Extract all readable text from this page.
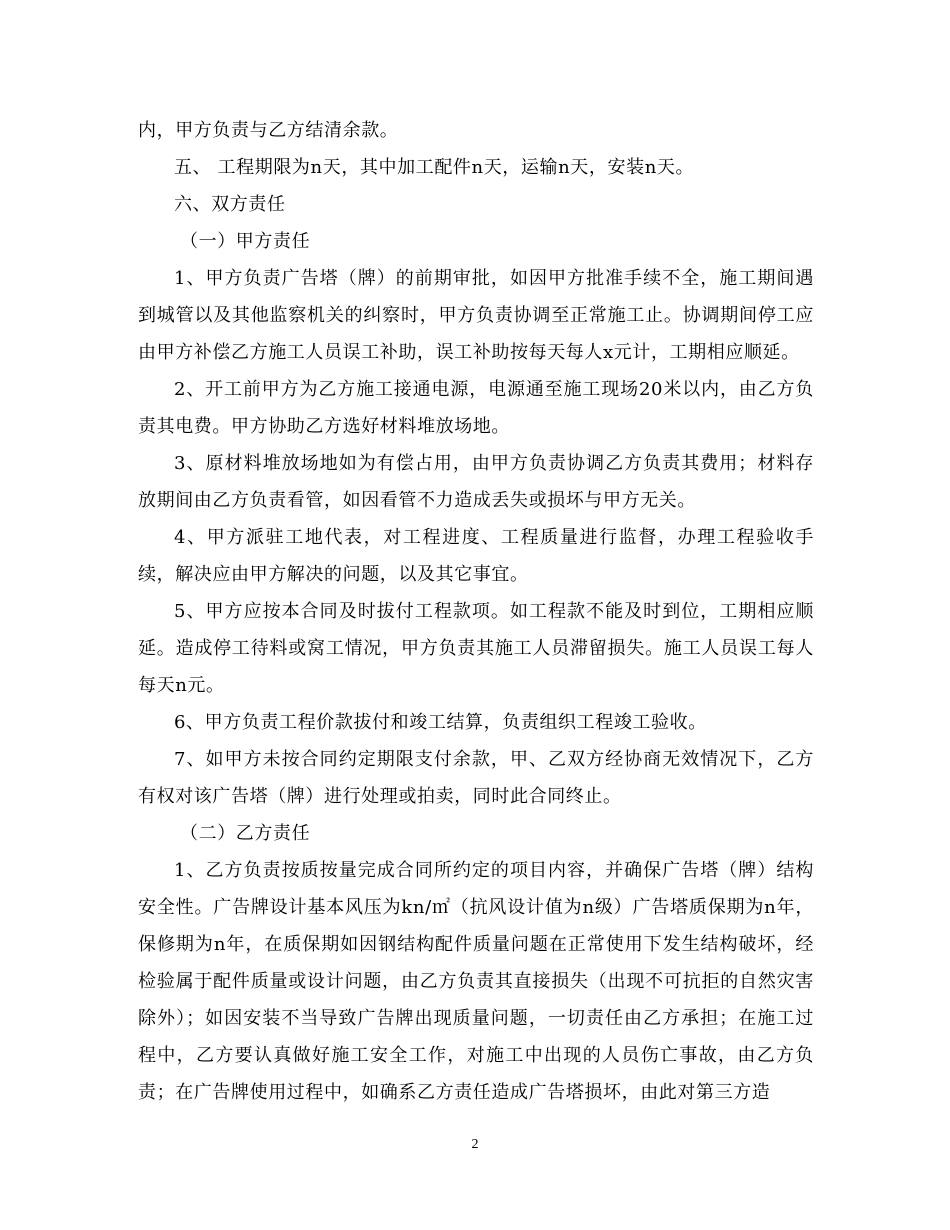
内，甲方负责与乙方结清余款。

五、 工程期限为n天，其中加工配件n天，运输n天，安装n天。

六、双方责任

（一）甲方责任

1、甲方负责广告塔（牌）的前期审批，如因甲方批准手续不全，施工期间遇到城管以及其他监察机关的纠察时，甲方负责协调至正常施工止。协调期间停工应由甲方补偿乙方施工人员误工补助，误工补助按每天每人x元计，工期相应顺延。

2、开工前甲方为乙方施工接通电源，电源通至施工现场20米以内，由乙方负责其电费。甲方协助乙方选好材料堆放场地。

3、原材料堆放场地如为有偿占用，由甲方负责协调乙方负责其费用；材料存放期间由乙方负责看管，如因看管不力造成丢失或损坏与甲方无关。

4、甲方派驻工地代表，对工程进度、工程质量进行监督，办理工程验收手续，解决应由甲方解决的问题，以及其它事宜。

5、甲方应按本合同及时拔付工程款项。如工程款不能及时到位，工期相应顺延。造成停工待料或窝工情况，甲方负责其施工人员滞留损失。施工人员误工每人每天n元。

6、甲方负责工程价款拔付和竣工结算，负责组织工程竣工验收。

7、如甲方未按合同约定期限支付余款，甲、乙双方经协商无效情况下，乙方有权对该广告塔（牌）进行处理或拍卖，同时此合同终止。

（二）乙方责任

1、乙方负责按质按量完成合同所约定的项目内容，并确保广告塔（牌）结构安全性。广告牌设计基本风压为kn/㎡（抗风设计值为n级）广告塔质保期为n年，保修期为n年，在质保期如因钢结构配件质量问题在正常使用下发生结构破坏，经检验属于配件质量或设计问题，由乙方负责其直接损失（出现不可抗拒的自然灾害除外）；如因安装不当导致广告牌出现质量问题，一切责任由乙方承担；在施工过程中，乙方要认真做好施工安全工作，对施工中出现的人员伤亡事故，由乙方负责；在广告牌使用过程中，如确系乙方责任造成广告塔损坏，由此对第三方造

2
